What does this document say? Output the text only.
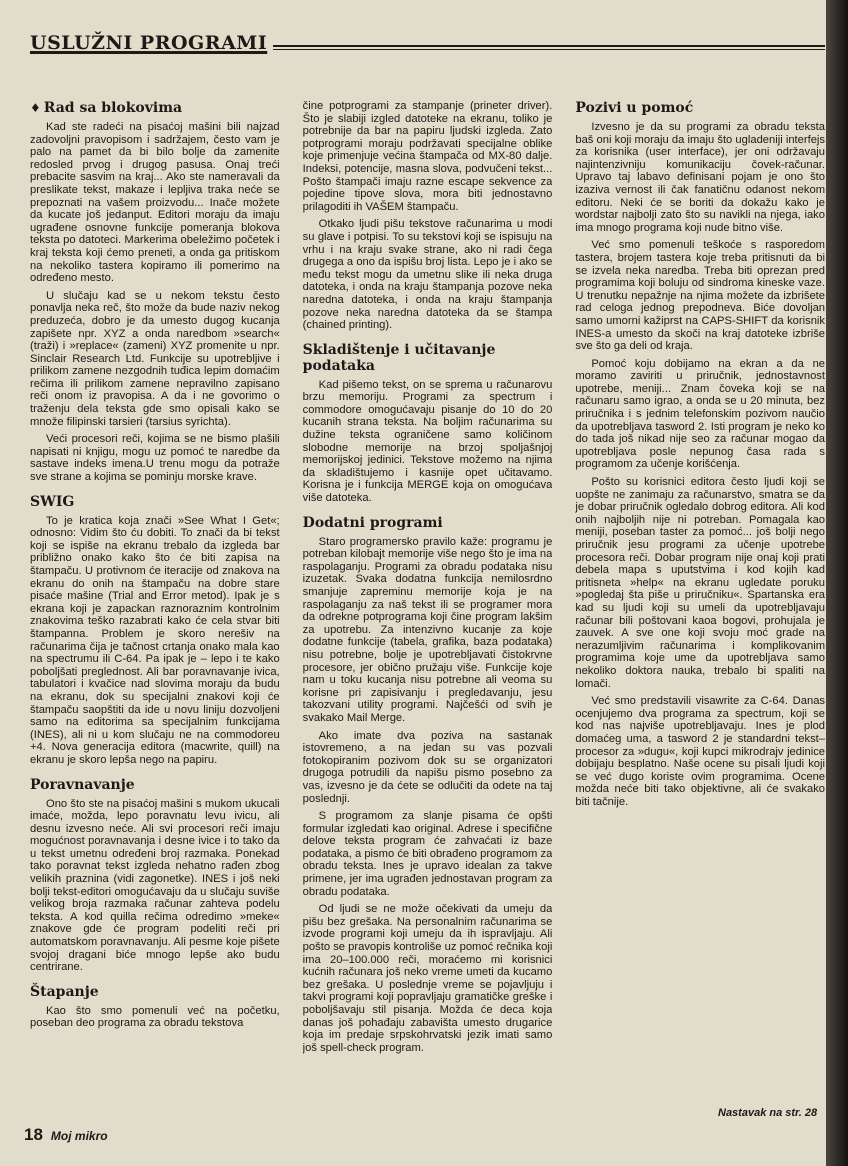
USLUŽNI PROGRAMI
♦ Rad sa blokovima

Kad ste radeći na pisaćoj mašini bili najzad zadovoljni pravopisom i sadržajem, često vam je palo na pamet da bi bilo bolje da zamenite redosled prvog i drugog pasusa. Onaj treći prebacite sasvim na kraj... Ako ste nameravali da preslikate tekst, makaze i lepljiva traka neće se prepoznati na vašem proizvodu... Inače možete da kucate još jedanput. Editori moraju da imaju ugrađene osnovne funkcije pomeranja blokova teksta po datoteci. Markerima obeležimo početek i kraj teksta koji ćemo preneti, a onda ga pritiskom na nekoliko tastera kopiramo ili pomerimo na određeno mesto.

U slučaju kad se u nekom tekstu često ponavlja neka reč, što može da bude naziv nekog preduzeća, dobro je da umesto dugog kucanja zapišete npr. XYZ a onda naredbom »search« (traži) i »replace« (zameni) XYZ promenite u npr. Sinclair Research Ltd. Funkcije su upotrebljive i prilikom zamene nezgodnih tuđica lepim domaćim rečima ili prilikom zamene nepravilno zapisano reči onom iz pravopisa. A da i ne govorimo o traženju dela teksta gde smo opisali kako se množe filipinski tarsieri (tarsius syrichta).

Veći procesori reči, kojima se ne bismo plašili napisati ni knjigu, mogu uz pomoć te naredbe da sastave indeks imena.U trenu mogu da potraže sve strane a kojima se pominju morske krave.

SWIG

To je kratica koja znači »See What I Get«; odnosno: Vidim što ću dobiti. To znači da bi tekst koji se ispiše na ekranu trebalo da izgleda bar približno onako kako što će biti zapisa na štampaču. U protivnom će iteracije od znakova na ekranu do onih na štampaču na dobre stare pisaće mašine (Trial and Error metod). Ipak je s ekrana koji je zapackan raznoraznim kontrolnim znakovima teško razabrati kako će cela stvar biti štampanna. Problem je skoro nerešiv na računarima čija je tačnost crtanja onako mala kao na spectrumu ili C-64. Pa ipak je – lepo i te kako poboljšati preglednost. Ali bar poravnavanje ivica, tabulatori i kvačice nad slovima moraju da budu na ekranu, dok su specijalni znakovi koji će štampaču saopštiti da ide u novu liniju dozvoljeni samo na editorima sa specijalnim funkcijama (INES), ali ni u kom slučaju ne na commodoreu +4. Nova generacija editora (macwrite, quill) na ekranu je skoro lepša nego na papiru.

Poravnavanje

Ono što ste na pisaćoj mašini s mukom ukucali imaće, možda, lepo poravnatu levu ivicu, ali desnu izvesno neće. Ali svi procesori reči imaju mogućnost poravnavanja i desne ivice i to tako da u tekst umetnu određeni broj razmaka. Ponekad tako poravnat tekst izgleda nehatno rađen zbog velikih praznina (vidi zagonetke). INES i još neki bolji tekst-editori omogućavaju da u slučaju suviše velikog broja razmaka računar zahteva podelu teksta. A kod quilla rečima odredimo »meke« znakove gde će program podeliti reči pri automatskom poravnavanju. Ali pesme koje pišete svojoj dragani biće mnogo lepše ako budu centrirane.

Štapanje

Kao što smo pomenuli već na početku, poseban deo programa za obradu tekstova

čine potprogrami za stampanje (prineter driver). Što je slabiji izgled datoteke na ekranu, toliko je potrebnije da bar na papiru ljudski izgleda. Zato potprogrami moraju podržavati specijalne oblike koje primenjuje većina štampača od MX-80 dalje. Indeksi, potencije, masna slova, podvučeni tekst... Pošto štampači imaju razne escape sekvence za pojedine tipove slova, mora biti jednostavno prilagoditi ih VAŠEM štampaču.

Otkako ljudi pišu tekstove računarima u modi su glave i potpisi. To su tekstovi koji se ispisuju na vrhu i na kraju svake strane, ako ni radi čega drugega a ono da ispišu broj lista. Lepo je i ako se među tekst mogu da umetnu slike ili neka druga datoteka, i onda na kraju štampanja pozove neka naredna datoteka, i onda na kraju štampanja pozove neka naredna datoteka da se štampa (chained printing).

Skladištenje i učitavanje podataka

Kad pišemo tekst, on se sprema u računarovu brzu memoriju. Programi za spectrum i commodore omogućavaju pisanje do 10 do 20 kucanih strana teksta. Na boljim računarima su dužine teksta ograničene samo količinom slobodne memorije na brzoj spoljašnjoj memorijskoj jedinici. Tekstove možemo na njima da skladištujemo i kasnije opet učitavamo. Korisna je i funkcija MERGE koja on omogućava više datoteka.

Dodatni programi

Staro programersko pravilo kaže: programu je potreban kilobajt memorije više nego što je ima na raspolaganju. Programi za obradu podataka nisu izuzetak. Svaka dodatna funkcija nemilosrdno smanjuje zapreminu memorije koja je na raspolaganju za naš tekst ili se programer mora da odrekne potprograma koji čine program lakšim za upotrebu. Za intenzivno kucanje za koje dodatne funkcije (tabela, grafika, baza podataka) nisu potrebne, bolje je upotrebljavati čistokrvne procesore, jer obično pružaju više. Funkcije koje nam u toku kucanja nisu potrebne ali veoma su korisne pri zapisivanju i pregledavanju, jesu takozvani utility programi. Najčešći od svih je svakako Mail Merge.

Ako imate dva poziva na sastanak istovremeno, a na jedan su vas pozvali fotokopiranim pozivom dok su se organizatori drugoga potrudili da napišu pismo posebno za vas, izvesno je da ćete se odlučiti da odete na taj poslednji.

S programom za slanje pisama će opšti formular izgledati kao original. Adrese i specifične delove teksta program će zahvaćati iz baze podataka, a pismo će biti obrađeno programom za obradu teksta. Ines je upravo idealan za takve primene, jer ima ugrađen jednostavan program za obradu podataka.

Od ljudi se ne može očekivati da umeju da pišu bez grešaka. Na personalnim računarima se izvode programi koji umeju da ih ispravljaju. Ali pošto se pravopis kontroliše uz pomoć rečnika koji ima 20–100.000 reči, moraćemo mi korisnici kućnih računara još neko vreme umeti da kucamo bez grešaka. U poslednje vreme se pojavljuju i takvi programi koji popravljaju gramatičke greške i poboljšavaju stil pisanja. Možda će deca koja danas još pohađaju zabavišta umesto drugarice koja im predaje srpskohrvatski jezik imati samo još spell-check program.

Pozivi u pomoć

Izvesno je da su programi za obradu teksta baš oni koji moraju da imaju što ugladeniji interfejs za korisnika (user interface), jer oni održavaju najintenzivniju komunikaciju čovek-računar. Upravo taj labavo definisani pojam je ono što izaziva vernost ili čak fanatičnu odanost nekom editoru. Neki će se boriti da dokažu kako je wordstar najbolji zato što su navikli na njega, iako ima mnogo programa koji nude bitno više.

Već smo pomenuli teškoće s rasporedom tastera, brojem tastera koje treba pritisnuti da bi se izvela neka naredba. Treba biti oprezan pred programima koji boluju od sindroma kineske vaze. U trenutku nepažnje na njima možete da izbrišete rad celoga jednog prepodneva. Biće dovoljan samo umorni kažiprst na CAPS-SHIFT da korisnik INES-a umesto da skoči na kraj datoteke izbriše sve što ga deli od kraja.

Pomoć koju dobijamo na ekran a da ne moramo zaviriti u priručnik, jednostavnost upotrebe, meniji... Znam čoveka koji se na računaru samo igrao, a onda se u 20 minuta, bez priručnika i s jednim telefonskim pozivom naučio da upotrebljava tasword 2. Isti program je neko ko do tada još nikad nije seo za računar mogao da upotrebljava posle nepunog časa rada s programom za učenje korišćenja.

Pošto su korisnici editora često ljudi koji se uopšte ne zanimaju za računarstvo, smatra se da je dobar priručnik ogledalo dobrog editora. Ali kod onih najboljih nije ni potreban. Pomagala kao meniji, poseban taster za pomoć... još bolji nego priručnik jesu programi za učenje upotrebe procesora reči. Dobar program nije onaj koji prati debela mapa s uputstvima i kod kojih kad pritisneta »help« na ekranu ugledate poruku »pogledaj šta piše u priručniku«. Spartanska era kad su ljudi koji su umeli da upotrebljavaju računar bili poštovani kaoa bogovi, prohujala je zauvek. A sve one koji svoju moć grade na nerazumljivim računarima i komplikovanim programima koje ume da upotrebljava samo nekoliko doktora nauka, trebalo bi spaliti na lomači.

Već smo predstavili visawrite za C-64. Danas ocenjujemo dva programa za spectrum, koji se kod nas najviše upotrebljavaju. Ines je plod domaćeg uma, a tasword 2 je standardni tekst–procesor za »dugu«, koji kupci mikrodrajv jedinice dobijaju besplatno. Naše ocene su pisali ljudi koji se već dugo koriste ovim programima. Ocene možda neće biti tako objektivne, ali će svakako biti tačnije.

Nastavak na str. 28
18 Moj mikro
